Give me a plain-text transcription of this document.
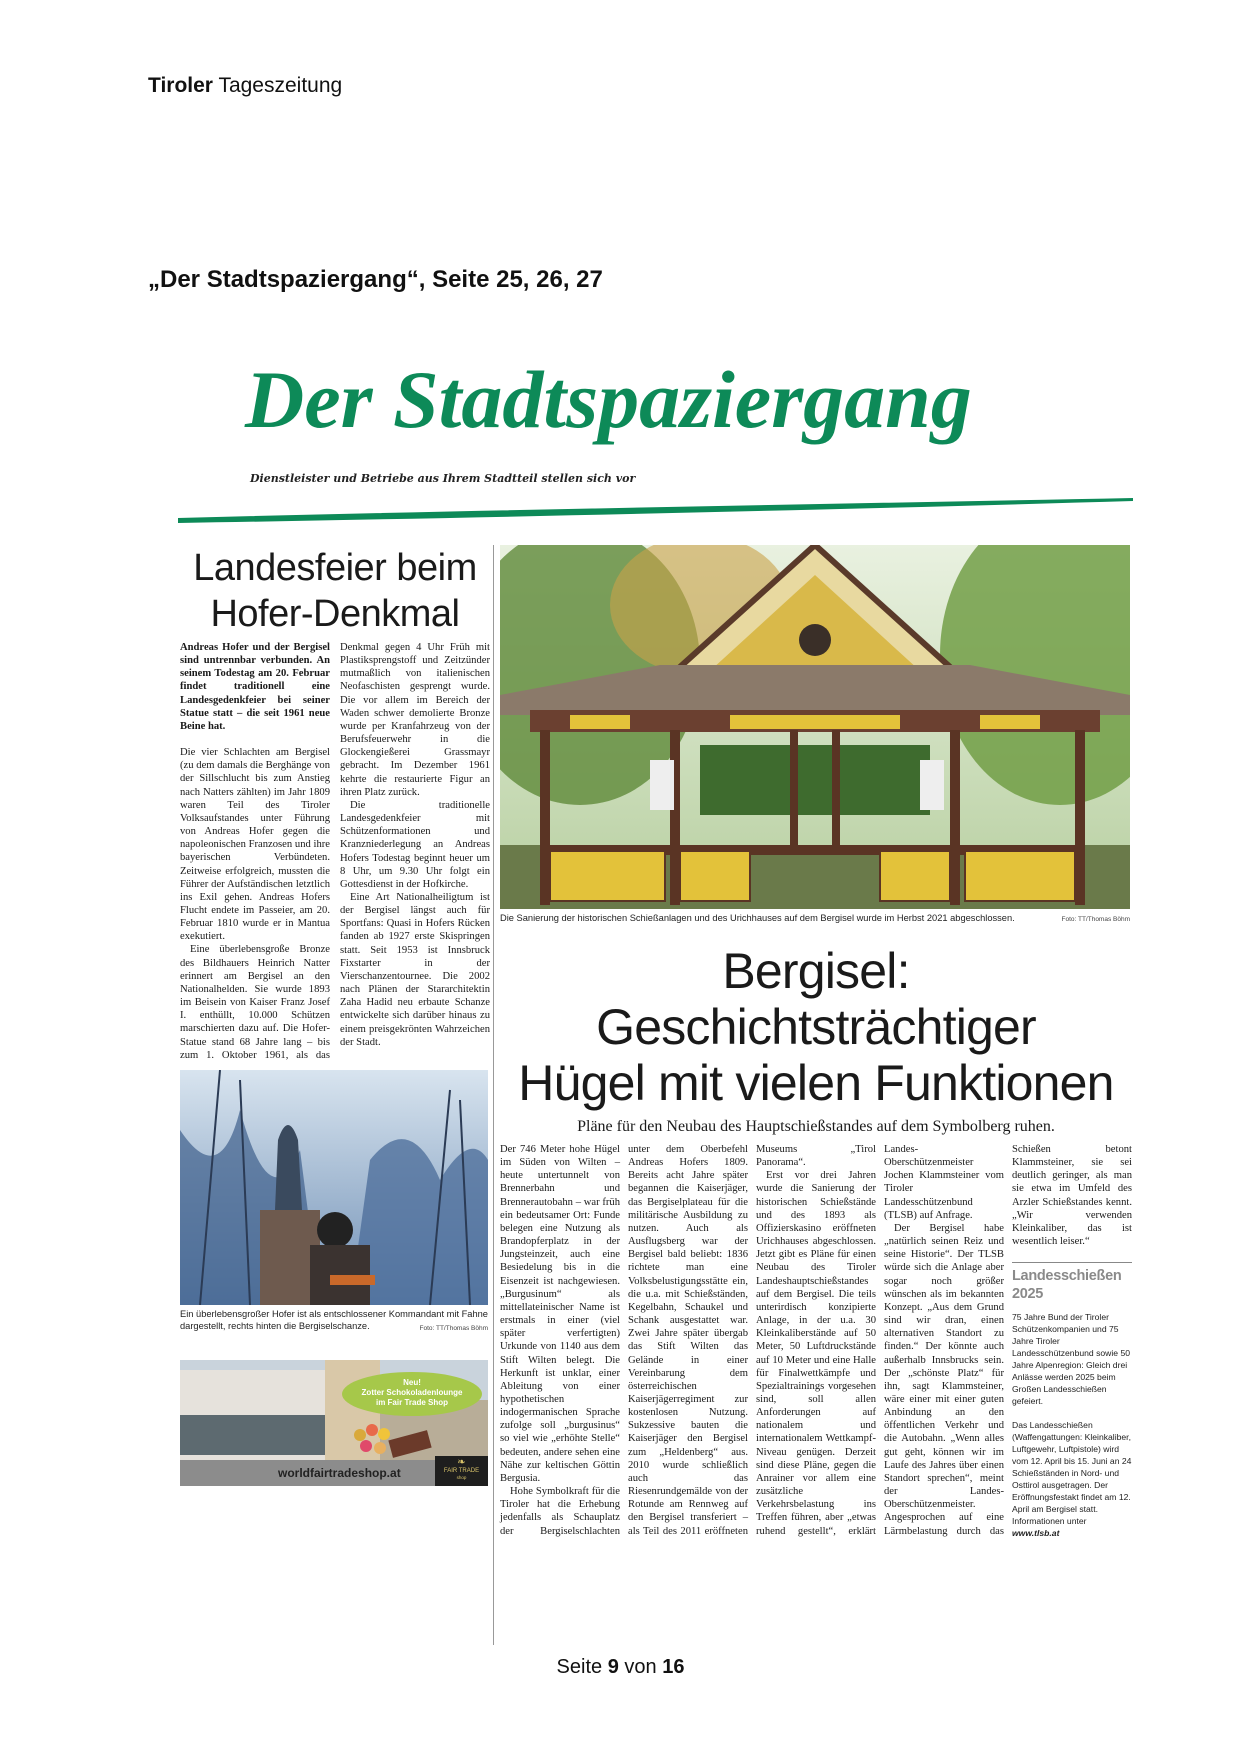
Tiroler Tageszeitung
„Der Stadtspaziergang“, Seite 25, 26, 27
Der Stadtspaziergang
Dienstleister und Betriebe aus Ihrem Stadtteil stellen sich vor
Landesfeier beim
Hofer-Denkmal

Andreas Hofer und der Bergisel sind untrennbar verbunden. An seinem Todestag am 20. Februar findet traditionell eine Landesgedenkfeier bei seiner Statue statt – die seit 1961 neue Beine hat.

Die vier Schlachten am Bergisel (zu dem damals die Berghänge von der Sillschlucht bis zum Anstieg nach Natters zählten) im Jahr 1809 waren Teil des Tiroler Volksaufstandes unter Führung von Andreas Hofer gegen die napoleonischen Franzosen und ihre bayerischen Verbündeten. Zeitweise erfolgreich, mussten die Führer der Aufständischen letztlich ins Exil gehen. Andreas Hofers Flucht endete im Passeier, am 20. Februar 1810 wurde er in Mantua exekutiert.

Eine überlebensgroße Bronze des Bildhauers Heinrich Natter erinnert am Bergisel an den Nationalhelden. Sie wurde 1893 im Beisein von Kaiser Franz Josef I. enthüllt, 10.000 Schützen marschierten dazu auf. Die Hofer-Statue stand 68 Jahre lang – bis zum 1. Oktober 1961, als das Denkmal gegen 4 Uhr Früh mit Plastiksprengstoff und Zeitzünder mutmaßlich von italienischen Neofaschisten gesprengt wurde. Die vor allem im Bereich der Waden schwer demolierte Bronze wurde per Kranfahrzeug von der Berufsfeuerwehr in die Glockengießerei Grassmayr gebracht. Im Dezember 1961 kehrte die restaurierte Figur an ihren Platz zurück.

Die traditionelle Landesgedenkfeier mit Schützenformationen und Kranzniederlegung an Andreas Hofers Todestag beginnt heuer um 8 Uhr, um 9.30 Uhr folgt ein Gottesdienst in der Hofkirche.

Eine Art Nationalheiligtum ist der Bergisel längst auch für Sportfans: Quasi in Hofers Rücken fanden ab 1927 erste Skispringen statt. Seit 1953 ist Innsbruck Fixstarter in der Vierschanzentournee. Die 2002 nach Plänen der Stararchitektin Zaha Hadid neu erbaute Schanze entwickelte sich darüber hinaus zu einem preisgekrönten Wahrzeichen der Stadt.

Ein überlebensgroßer Hofer ist als entschlossener Kommandant mit Fahne dargestellt, rechts hinten die Bergiselschanze.	Foto: TT/Thomas Böhm
Neu!
Zotter Schokoladenlounge
im Fair Trade Shop
worldfairtradeshop.at
❧
FAIR TRADE
shop
Die Sanierung der historischen Schießanlagen und des Urichhauses auf dem Bergisel wurde im Herbst 2021 abgeschlossen.	Foto: TT/Thomas Böhm
Bergisel: Geschichtsträchtiger
Hügel mit vielen Funktionen
Pläne für den Neubau des Hauptschießstandes auf dem Symbolberg ruhen.

Der 746 Meter hohe Hügel im Süden von Wilten – heute untertunnelt von Brennerbahn und Brennerautobahn – war früh ein bedeutsamer Ort: Funde belegen eine Nutzung als Brandopferplatz in der Jungsteinzeit, auch eine Besiedelung bis in die Eisenzeit ist nachgewiesen. „Burgusinum“ als mittellateinischer Name ist erstmals in einer (viel später verfertigten) Urkunde von 1140 aus dem Stift Wilten belegt. Die Herkunft ist unklar, einer Ableitung von einer hypothetischen indogermanischen Sprache zufolge soll „burgusinus“ so viel wie „erhöhte Stelle“ bedeuten, andere sehen eine Nähe zur keltischen Göttin Bergusia.

Hohe Symbolkraft für die Tiroler hat die Erhebung jedenfalls als Schauplatz der Bergiselschlachten unter dem Oberbefehl Andreas Hofers 1809. Bereits acht Jahre später begannen die Kaiserjäger, das Bergiselplateau für die militärische Ausbildung zu nutzen. Auch als Ausflugsberg war der Bergisel bald beliebt: 1836 richtete man eine Volksbelustigungsstätte ein, die u.a. mit Schießständen, Kegelbahn, Schaukel und Schank ausgestattet war. Zwei Jahre später übergab das Stift Wilten das Gelände in einer Vereinbarung dem österreichischen Kaiserjägerregiment zur kostenlosen Nutzung. Sukzessive bauten die Kaiserjäger den Bergisel zum „Heldenberg“ aus. 2010 wurde schließlich auch das Riesenrundgemälde von der Rotunde am Rennweg auf den Bergisel transferiert – als Teil des 2011 eröffneten Museums „Tirol Panorama“.

Erst vor drei Jahren wurde die Sanierung der historischen Schießstände und des 1893 als Offizierskasino eröffneten Urichhauses abgeschlossen. Jetzt gibt es Pläne für einen Neubau des Tiroler Landeshauptschießstandes auf dem Bergisel. Die teils unterirdisch konzipierte Anlage, in der u.a. 30 Kleinkaliberstände auf 50 Meter, 50 Luftdruckstände auf 10 Meter und eine Halle für Finalwettkämpfe und Spezialtrainings vorgesehen sind, soll allen Anforderungen auf nationalem und internationalem Wettkampf-Niveau genügen. Derzeit sind diese Pläne, gegen die Anrainer vor allem eine zusätzliche Verkehrsbelastung ins Treffen führen, aber „etwas ruhend gestellt“, erklärt Landes-Oberschützenmeister Jochen Klammsteiner vom Tiroler Landesschützenbund (TLSB) auf Anfrage.

Der Bergisel habe „natürlich seinen Reiz und seine Historie“. Der TLSB würde sich die Anlage aber sogar noch größer wünschen als im bekannten Konzept. „Aus dem Grund sind wir dran, einen alternativen Standort zu finden.“ Der könnte auch außerhalb Innsbrucks sein. Der „schönste Platz“ für ihn, sagt Klammsteiner, wäre einer mit einer guten Anbindung an den öffentlichen Verkehr und die Autobahn. „Wenn alles gut geht, können wir im Laufe des Jahres über einen Standort sprechen“, meint der Landes-Oberschützenmeister. Angesprochen auf eine Lärmbelastung durch das Schießen betont Klammsteiner, sie sei deutlich geringer, als man sie etwa im Umfeld des Arzler Schießstandes kennt. „Wir verwenden Kleinkaliber, das ist wesentlich leiser.“

Landesschießen 2025

75 Jahre Bund der Tiroler Schützenkompanien und 75 Jahre Tiroler Landesschützenbund sowie 50 Jahre Alpenregion: Gleich drei Anlässe werden 2025 beim Großen Landesschießen gefeiert.

Das Landesschießen (Waffengattungen: Kleinkaliber, Luftgewehr, Luftpistole) wird vom 12. April bis 15. Juni an 24 Schießständen in Nord- und Osttirol ausgetragen. Der Eröffnungsfestakt findet am 12. April am Bergisel statt. Informationen unter www.tlsb.at

Seite 9 von 16
